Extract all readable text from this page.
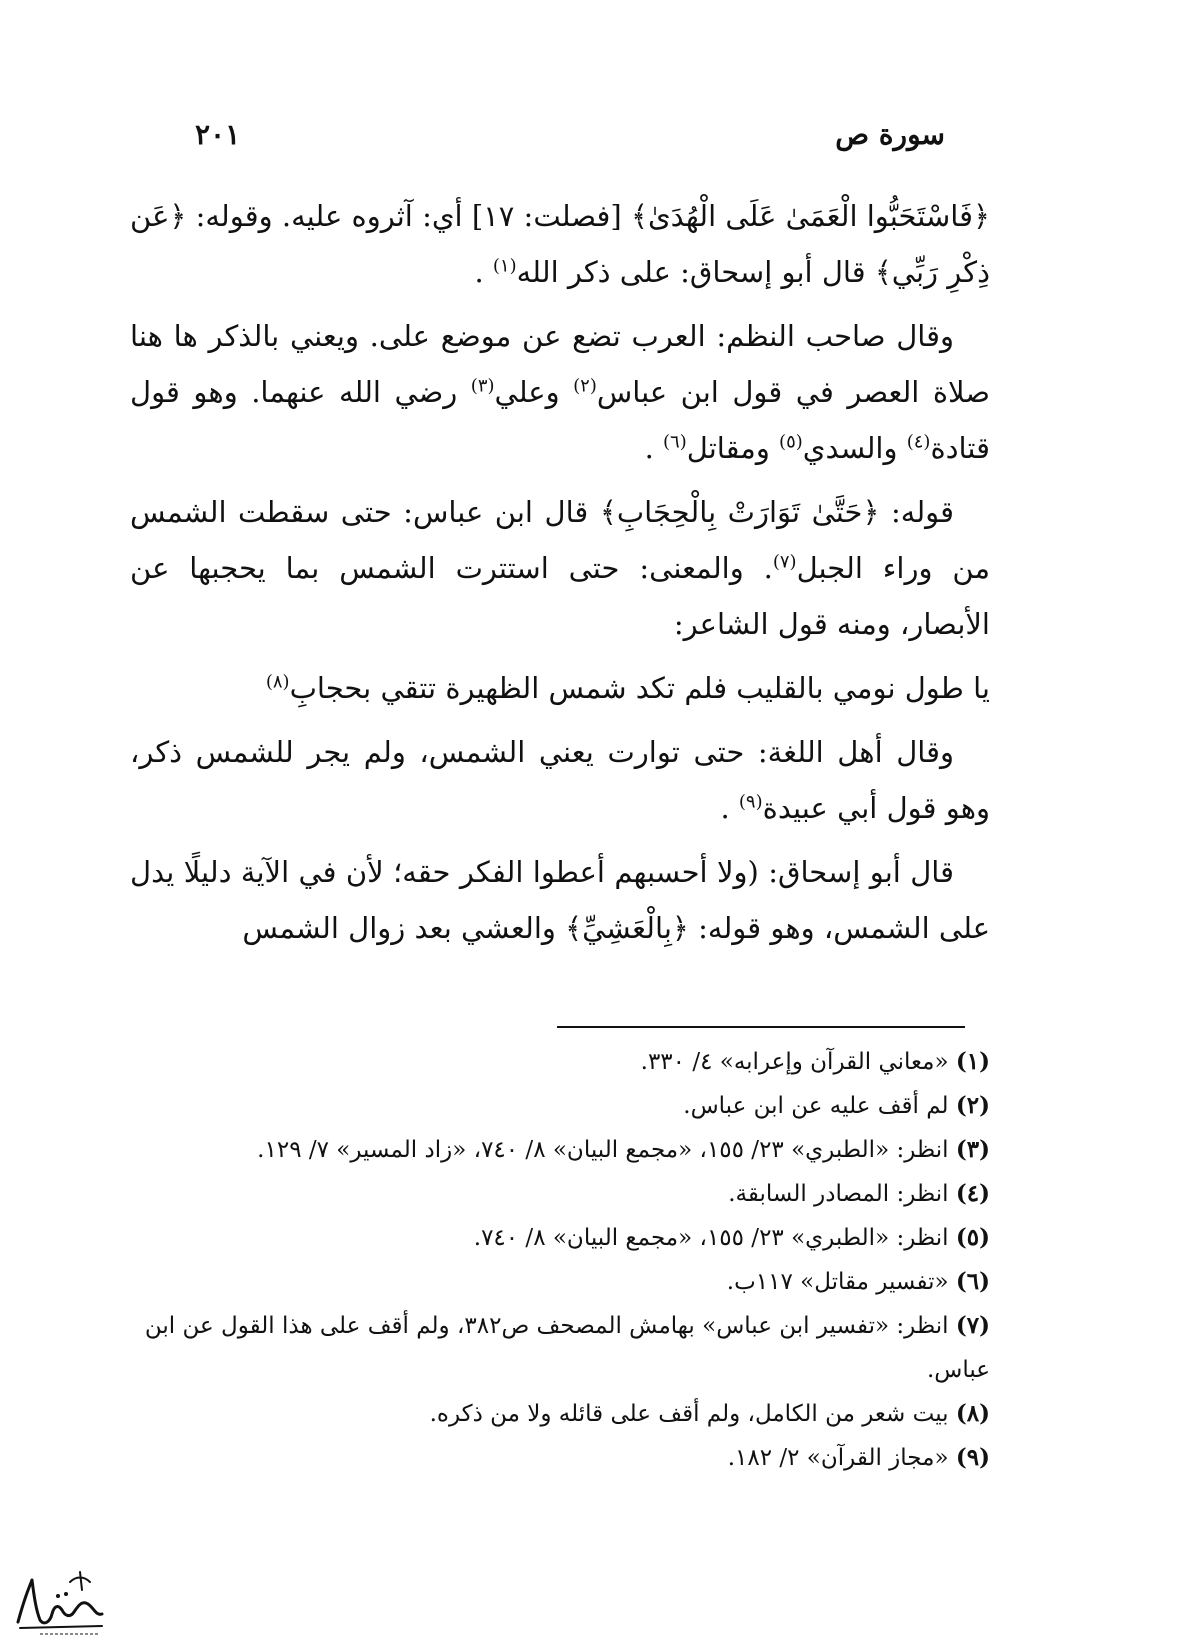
سورة ص
٢٠١

﴿فَاسْتَحَبُّوا الْعَمَىٰ عَلَى الْهُدَىٰ﴾ [فصلت: ١٧] أي: آثروه عليه. وقوله: ﴿عَن ذِكْرِ رَبِّي﴾ قال أبو إسحاق: على ذكر الله$^{(١)}$ .

وقال صاحب النظم: العرب تضع عن موضع على. ويعني بالذكر ها هنا صلاة العصر في قول ابن عباس$^{(٢)}$ وعلي$^{(٣)}$ رضي الله عنهما. وهو قول قتادة$^{(٤)}$ والسدي$^{(٥)}$ ومقاتل$^{(٦)}$ .

قوله: ﴿حَتَّىٰ تَوَارَتْ بِالْحِجَابِ﴾ قال ابن عباس: حتى سقطت الشمس من وراء الجبل$^{(٧)}$. والمعنى: حتى استترت الشمس بما يحجبها عن الأبصار، ومنه قول الشاعر:

يا طول نومي بالقليب فلم تكد شمس الظهيرة تتقي بحجابِ$^{(٨)}$

وقال أهل اللغة: حتى توارت يعني الشمس، ولم يجر للشمس ذكر، وهو قول أبي عبيدة$^{(٩)}$ .

قال أبو إسحاق: (ولا أحسبهم أعطوا الفكر حقه؛ لأن في الآية دليلًا يدل على الشمس، وهو قوله: ﴿بِالْعَشِيِّ﴾ والعشي بعد زوال الشمس

(١) «معاني القرآن وإعرابه» ٤/ ٣٣٠.

(٢) لم أقف عليه عن ابن عباس.

(٣) انظر: «الطبري» ٢٣/ ١٥٥، «مجمع البيان» ٨/ ٧٤٠، «زاد المسير» ٧/ ١٢٩.

(٤) انظر: المصادر السابقة.

(٥) انظر: «الطبري» ٢٣/ ١٥٥، «مجمع البيان» ٨/ ٧٤٠.

(٦) «تفسير مقاتل» ١١٧ب.

(٧) انظر: «تفسير ابن عباس» بهامش المصحف ص٣٨٢، ولم أقف على هذا القول عن ابن عباس.

(٨) بيت شعر من الكامل، ولم أقف على قائله ولا من ذكره.

(٩) «مجاز القرآن» ٢/ ١٨٢.
